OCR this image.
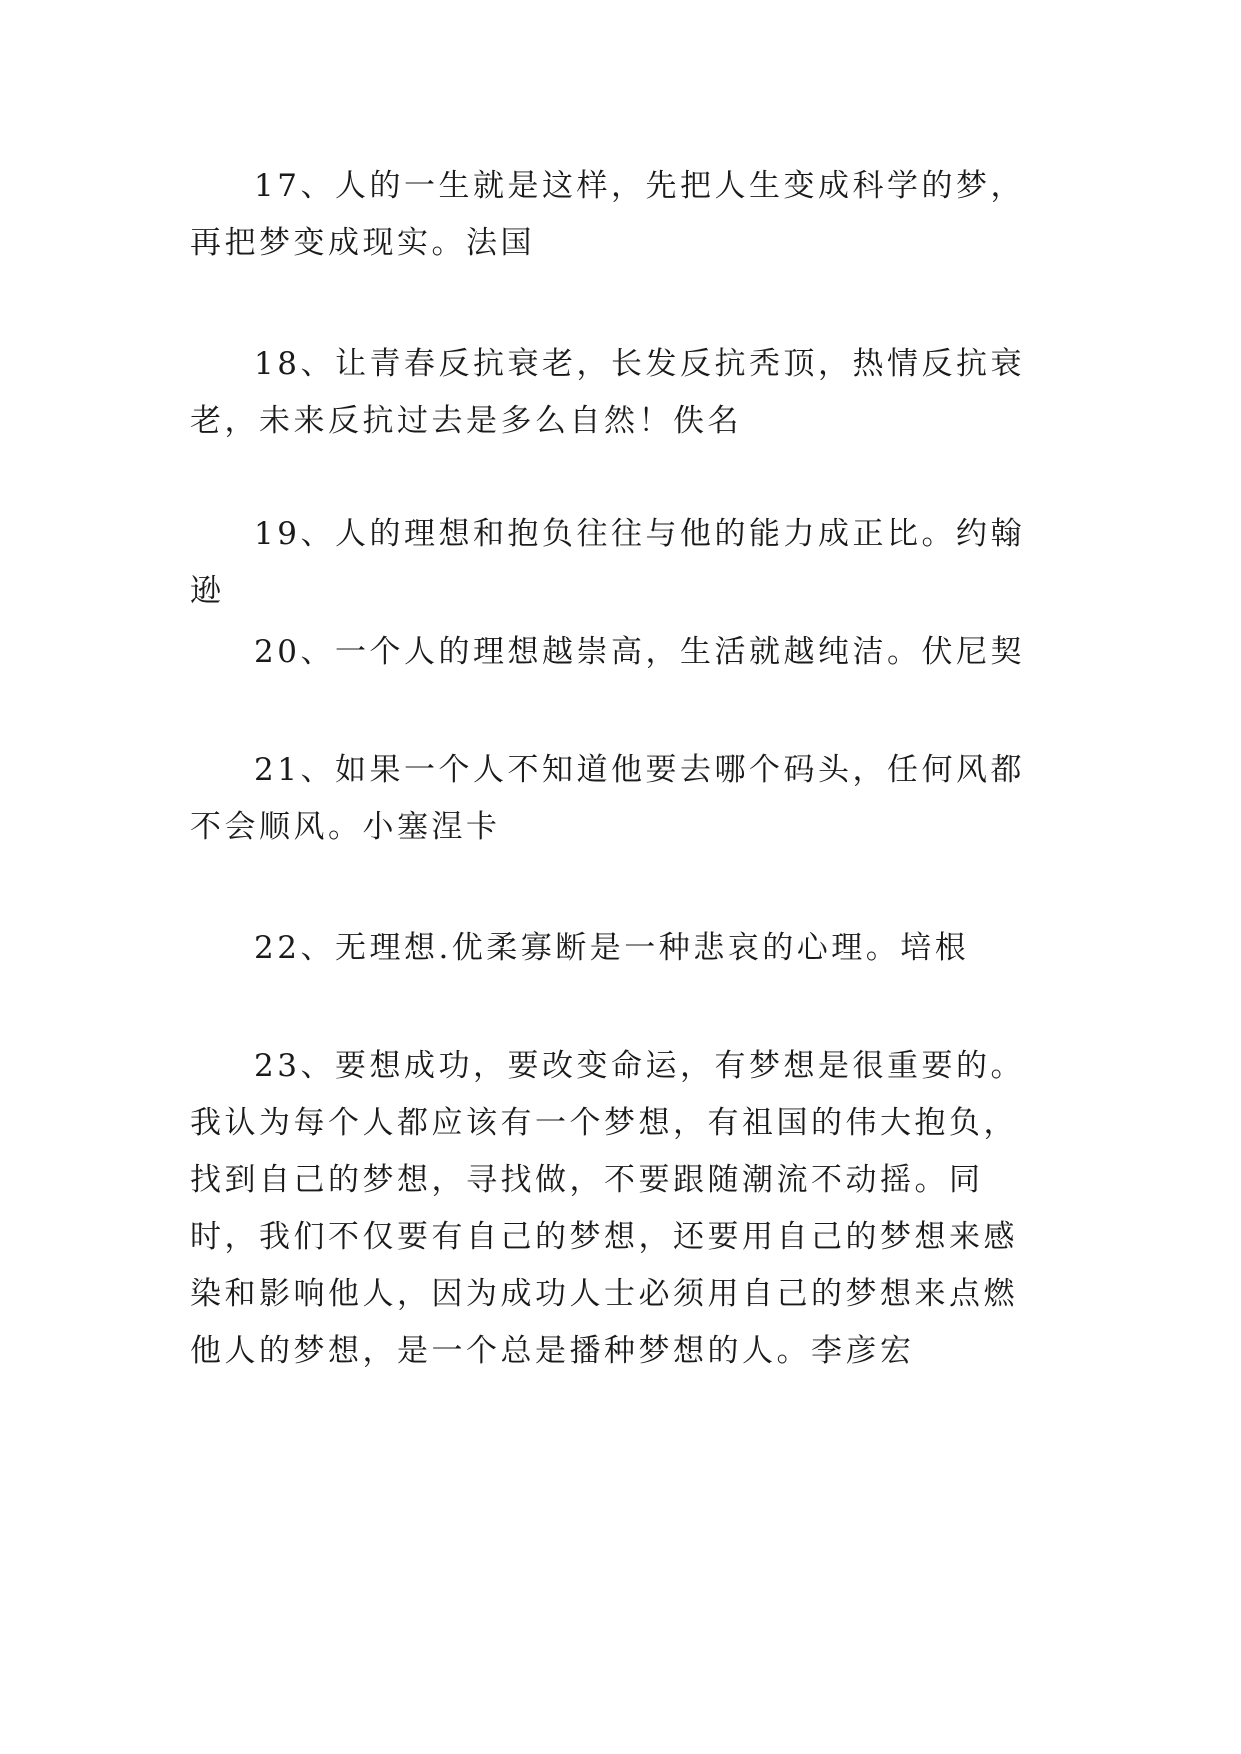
17、人的一生就是这样，先把人生变成科学的梦，再把梦变成现实。法国

18、让青春反抗衰老，长发反抗秃顶，热情反抗衰老，未来反抗过去是多么自然！佚名

19、人的理想和抱负往往与他的能力成正比。约翰逊

20、一个人的理想越崇高，生活就越纯洁。伏尼契

21、如果一个人不知道他要去哪个码头，任何风都不会顺风。小塞涅卡

22、无理想.优柔寡断是一种悲哀的心理。培根

23、要想成功，要改变命运，有梦想是很重要的。我认为每个人都应该有一个梦想，有祖国的伟大抱负，找到自己的梦想，寻找做，不要跟随潮流不动摇。同时，我们不仅要有自己的梦想，还要用自己的梦想来感染和影响他人，因为成功人士必须用自己的梦想来点燃他人的梦想，是一个总是播种梦想的人。李彦宏
